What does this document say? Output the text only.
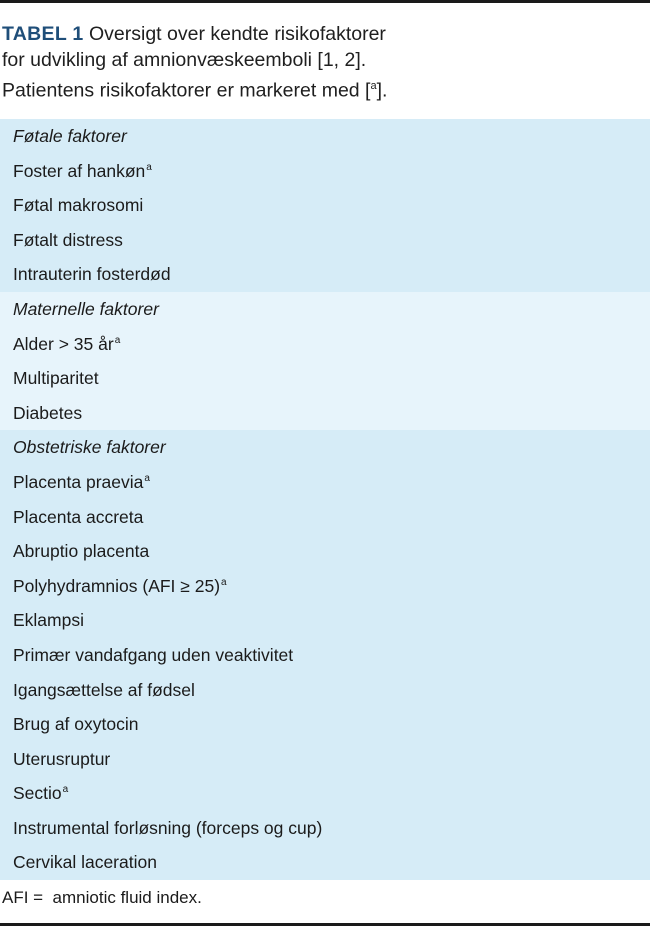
TABEL 1 Oversigt over kendte risikofaktorer
for udvikling af amnionvæskeemboli [1, 2].
Patientens risikofaktorer er markeret med [$^a$].
Føtale faktorer
Foster af hankøn$^a$
Føtal makrosomi
Føtalt distress
Intrauterin fosterdød
Maternelle faktorer
Alder > 35 $år^a$
Multiparitet
Diabetes
Obstetriske faktorer
Placenta praevia$^a$
Placenta accreta
Abruptio placenta
Polyhydramnios (AFI ≥ 25)$^a$
Eklampsi
Primær vandafgang uden veaktivitet
Igangsættelse af fødsel
Brug af oxytocin
Uterusruptur
Sectio$^a$
Instrumental forløsning (forceps og cup)
Cervikal laceration
AFI =  amniotic fluid index.
